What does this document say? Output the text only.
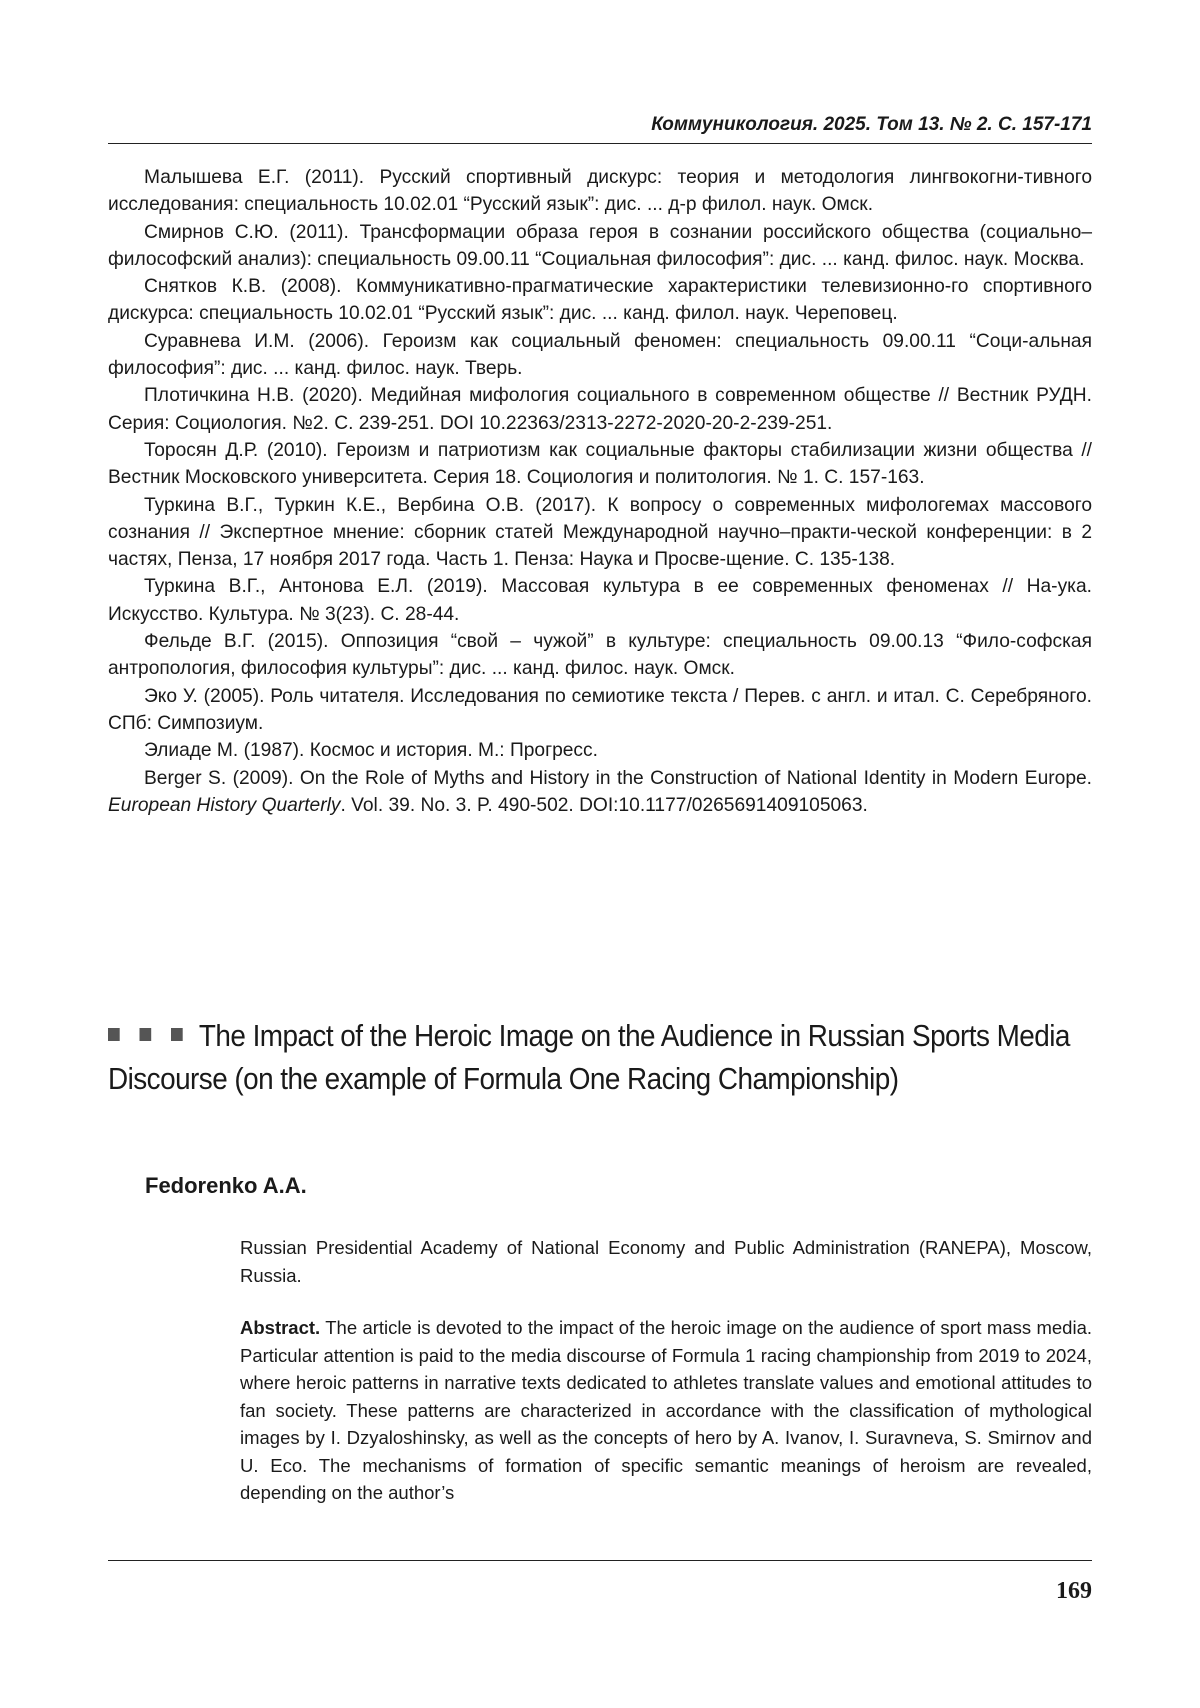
Коммуникология. 2025. Том 13. № 2. С. 157-171

Малышева Е.Г. (2011). Русский спортивный дискурс: теория и методология лингвокогни-тивного исследования: специальность 10.02.01 “Русский язык”: дис. ... д-р филол. наук. Омск.

Смирнов С.Ю. (2011). Трансформации образа героя в сознании российского общества (социально–философский анализ): специальность 09.00.11 “Социальная философия”: дис. ... канд. филос. наук. Москва.

Снятков К.В. (2008). Коммуникативно-прагматические характеристики телевизионно-го спортивного дискурса: специальность 10.02.01 “Русский язык”: дис. ... канд. филол. наук. Череповец.

Суравнева И.М. (2006). Героизм как социальный феномен: специальность 09.00.11 “Соци-альная философия”: дис. ... канд. филос. наук. Тверь.

Плотичкина Н.В. (2020). Медийная мифология социального в современном обществе // Вестник РУДН. Серия: Социология. №2. С. 239-251. DOI 10.22363/2313-2272-2020-20-2-239-251.

Торосян Д.Р. (2010). Героизм и патриотизм как социальные факторы стабилизации жизни общества // Вестник Московского университета. Серия 18. Социология и политология. № 1. С. 157-163.

Туркина В.Г., Туркин К.Е., Вербина О.В. (2017). К вопросу о современных мифологемах массового сознания // Экспертное мнение: сборник статей Международной научно–практи-ческой конференции: в 2 частях, Пенза, 17 ноября 2017 года. Часть 1. Пенза: Наука и Просве-щение. С. 135-138.

Туркина В.Г., Антонова Е.Л. (2019). Массовая культура в ее современных феноменах // На-ука. Искусство. Культура. № 3(23). С. 28-44.

Фельде В.Г. (2015). Оппозиция “свой – чужой” в культуре: специальность 09.00.13 “Фило-софская антропология, философия культуры”: дис. ... канд. филос. наук. Омск.

Эко У. (2005). Роль читателя. Исследования по семиотике текста / Перев. с англ. и итал. С. Серебряного. СПб: Симпозиум.

Элиаде М. (1987). Космос и история. М.: Прогресс.

Berger S. (2009). On the Role of Myths and History in the Construction of National Identity in Modern Europe. European History Quarterly. Vol. 39. No. 3. P. 490-502. DOI:10.1177/0265691409105063.

The Impact of the Heroic Image on the Audience in Russian Sports Media Discourse (on the example of Formula One Racing Championship)
Fedorenko A.A.
Russian Presidential Academy of National Economy and Public Administration (RANEPA), Moscow, Russia.
Abstract. The article is devoted to the impact of the heroic image on the audience of sport mass media. Particular attention is paid to the media discourse of Formula 1 racing championship from 2019 to 2024, where heroic patterns in narrative texts dedicated to athletes translate values and emotional attitudes to fan society. These patterns are characterized in accordance with the classification of mythological images by I. Dzyaloshinsky, as well as the concepts of hero by A. Ivanov, I. Suravneva, S. Smirnov and U. Eco. The mechanisms of formation of specific semantic meanings of heroism are revealed, depending on the author’s
169
